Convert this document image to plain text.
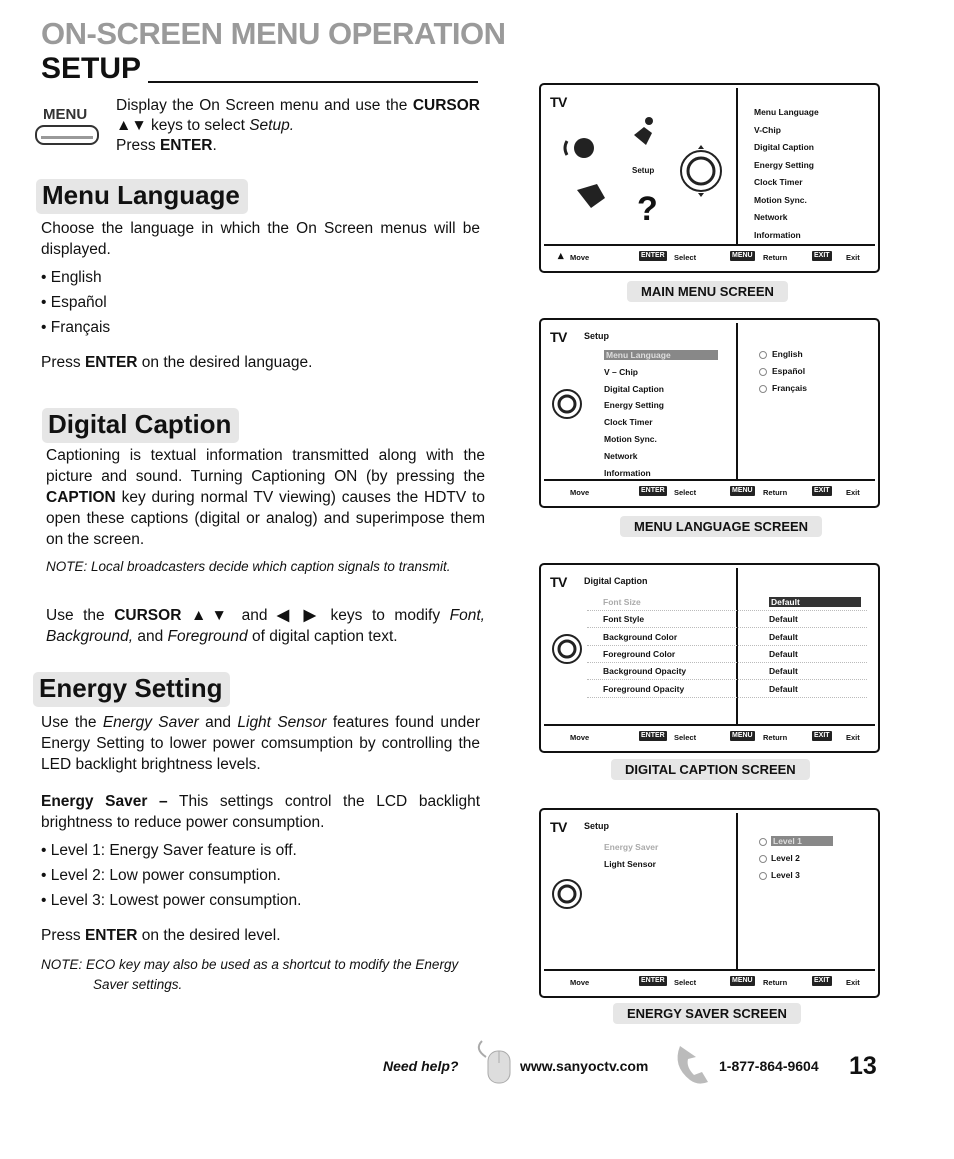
ON-SCREEN MENU OPERATION
SETUP
MENU
Display the On Screen menu and use the CURSOR ▲▼ keys to select Setup.
Press ENTER.
Menu Language
Choose the language in which the On Screen menus will be displayed.
• English
• Español
• Français
Press ENTER on the desired language.
Digital Caption
Captioning is textual information transmitted along with the picture and sound. Turning Captioning ON (by pressing the CAPTION key during normal TV viewing) causes the HDTV to open these captions (digital or analog) and superimpose them on the screen.
NOTE: Local broadcasters decide which caption signals to transmit.
Use the CURSOR ▲▼ and ◀ ▶ keys to modify Font, Background, and Foreground of digital caption text.
Energy Setting
Use the Energy Saver and Light Sensor features found under Energy Setting to lower power comsumption by controlling the LED backlight brightness levels.
Energy Saver – This settings control the LCD backlight brightness to reduce power consumption.
• Level 1: Energy Saver feature is off.
• Level 2: Low power consumption.
• Level 3: Lowest power consumption.
Press ENTER on the desired level.
NOTE: ECO key may also be used as a shortcut to modify the Energy Saver settings.
TV
Setup
?
Menu Language
V-Chip
Digital Caption
Energy Setting
Clock Timer
Motion Sync.
Network
Information
▴ Move	ENTER Select	MENU Return	EXIT Exit
MAIN MENU SCREEN
TV Setup
Menu Language
V – Chip
Digital Caption
Energy Setting
Clock Timer
Motion Sync.
Network
Information
English
Español
Français
Move	ENTER Select	MENU Return	EXIT Exit
MENU LANGUAGE SCREEN
TV Digital Caption
Font Size	Default
Font Style	Default
Background Color	Default
Foreground Color	Default
Background Opacity	Default
Foreground Opacity	Default
Move	ENTER Select	MENU Return	EXIT Exit
DIGITAL CAPTION SCREEN
TV Setup
Energy Saver
Light Sensor
Level 1
Level 2
Level 3
Move	ENTER Select	MENU Return	EXIT Exit
ENERGY SAVER SCREEN
Need help?	www.sanyoctv.com	1-877-864-9604 13
